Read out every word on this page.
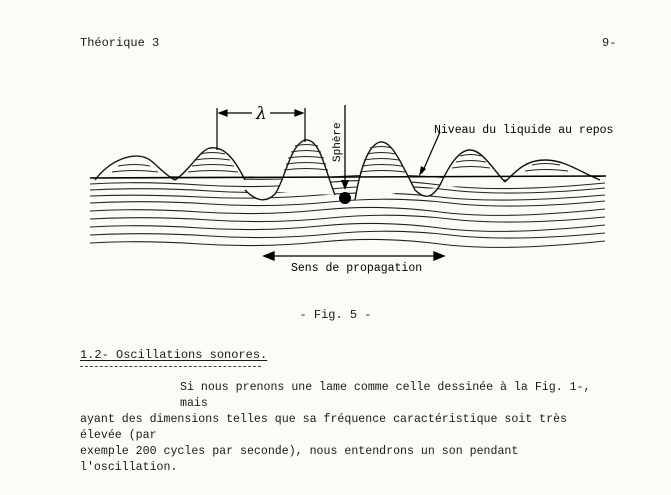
Théorique 3	9-
λ
Sphère	Niveau du liquide au repos
Sens de propagation
- Fig. 5 -
1.2- Oscillations sonores.
Si nous prenons une lame comme celle dessinée à la Fig. 1-, mais
ayant des dimensions telles que sa fréquence caractéristique soit très élevée (par
exemple 200 cycles par seconde), nous entendrons un son pendant l'oscillation.
